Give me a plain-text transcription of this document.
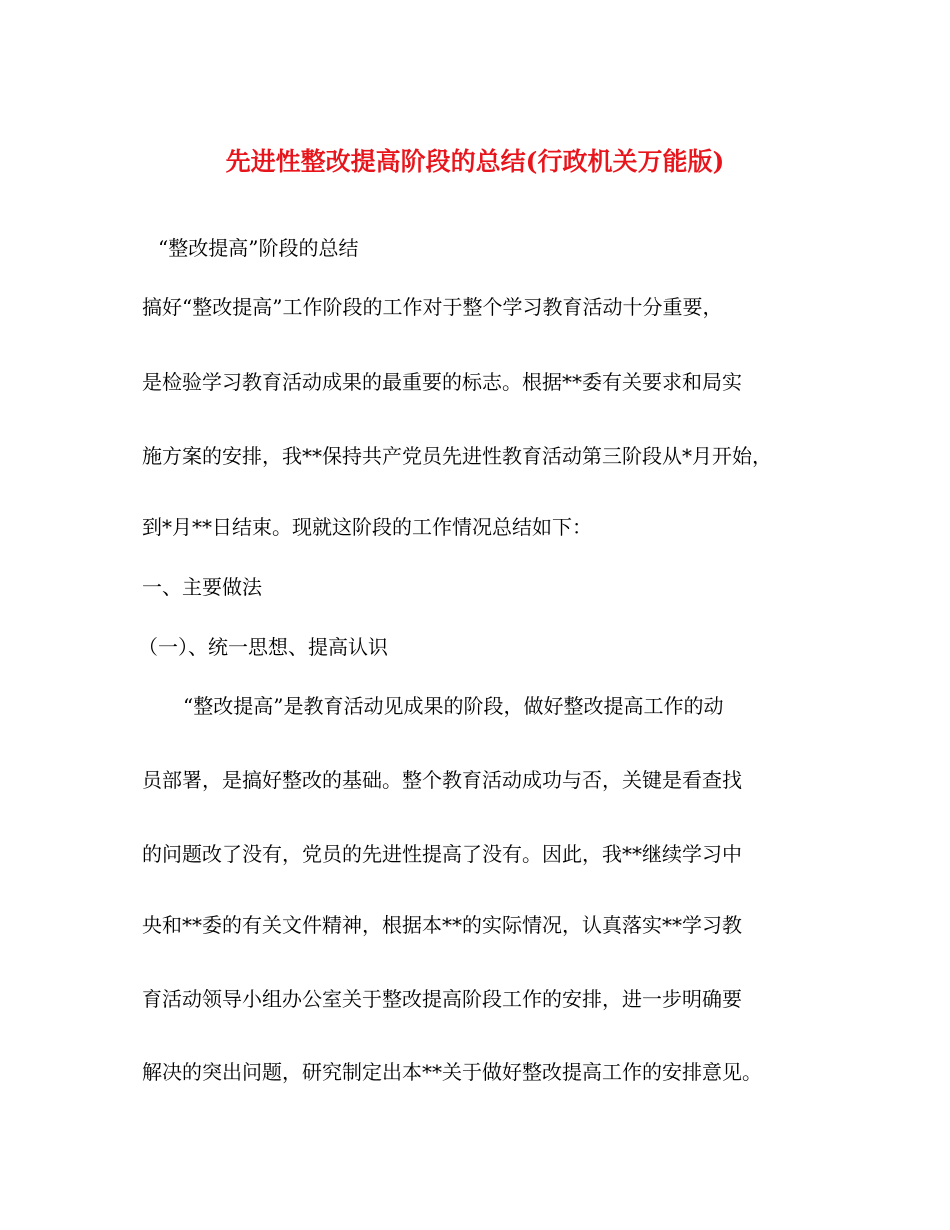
先进性整改提高阶段的总结(行政机关万能版)

“整改提高”阶段的总结

搞好“整改提高”工作阶段的工作对于整个学习教育活动十分重要，

是检验学习教育活动成果的最重要的标志。根据**委有关要求和局实

施方案的安排，我**保持共产党员先进性教育活动第三阶段从*月开始，

到*月**日结束。现就这阶段的工作情况总结如下：

一、主要做法

（一）、统一思想、提高认识

“整改提高”是教育活动见成果的阶段，做好整改提高工作的动

员部署，是搞好整改的基础。整个教育活动成功与否，关键是看查找

的问题改了没有，党员的先进性提高了没有。因此，我**继续学习中

央和**委的有关文件精神，根据本**的实际情况，认真落实**学习教

育活动领导小组办公室关于整改提高阶段工作的安排，进一步明确要

解决的突出问题，研究制定出本**关于做好整改提高工作的安排意见。
